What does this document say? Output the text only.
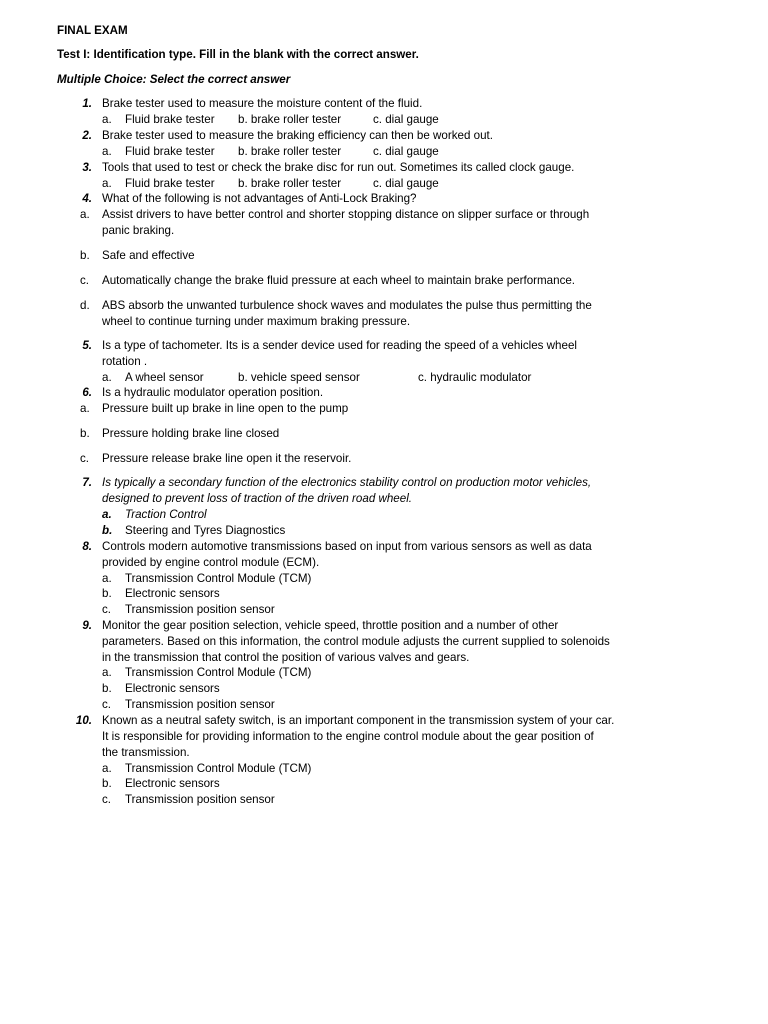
FINAL EXAM
Test I: Identification type. Fill in the blank with the correct answer.
Multiple Choice: Select the correct answer
1. Brake tester used to measure the moisture content of the fluid.
a. Fluid brake tester b. brake roller tester	c. dial gauge
2. Brake tester used to measure the braking efficiency can then be worked out.
a. Fluid brake tester b. brake roller tester	c. dial gauge
3. Tools that used to test or check the brake disc for run out. Sometimes its called clock gauge.
a. Fluid brake tester b. brake roller tester	c. dial gauge
4. What of the following is not advantages of Anti-Lock Braking?
a. Assist drivers to have better control and shorter stopping distance on slipper surface or through
panic braking.
b. Safe and effective
c. Automatically change the brake fluid pressure at each wheel to maintain brake performance.
d. ABS absorb the unwanted turbulence shock waves and modulates the pulse thus permitting the
wheel to continue turning under maximum braking pressure.
5. Is a type of tachometer. Its is a sender device used for reading the speed of a vehicles wheel
rotation .
a. A wheel sensor	b. vehicle speed sensor	c. hydraulic modulator
6. Is a hydraulic modulator operation position.
a. Pressure built up brake in line open to the pump
b. Pressure holding brake line closed
c. Pressure release brake line open it the reservoir.
7. Is typically a secondary function of the electronics stability control on production motor vehicles,
designed to prevent loss of traction of the driven road wheel.
a. Traction Control
b. Steering and Tyres Diagnostics
8. Controls modern automotive transmissions based on input from various sensors as well as data
provided by engine control module (ECM).
a. Transmission Control Module (TCM)
b. Electronic sensors
c. Transmission position sensor
9. Monitor the gear position selection, vehicle speed, throttle position and a number of other
parameters. Based on this information, the control module adjusts the current supplied to solenoids
in the transmission that control the position of various valves and gears.
a. Transmission Control Module (TCM)
b. Electronic sensors
c. Transmission position sensor
10. Known as a neutral safety switch, is an important component in the transmission system of your car.
It is responsible for providing information to the engine control module about the gear position of
the transmission.
a. Transmission Control Module (TCM)
b. Electronic sensors
c. Transmission position sensor
